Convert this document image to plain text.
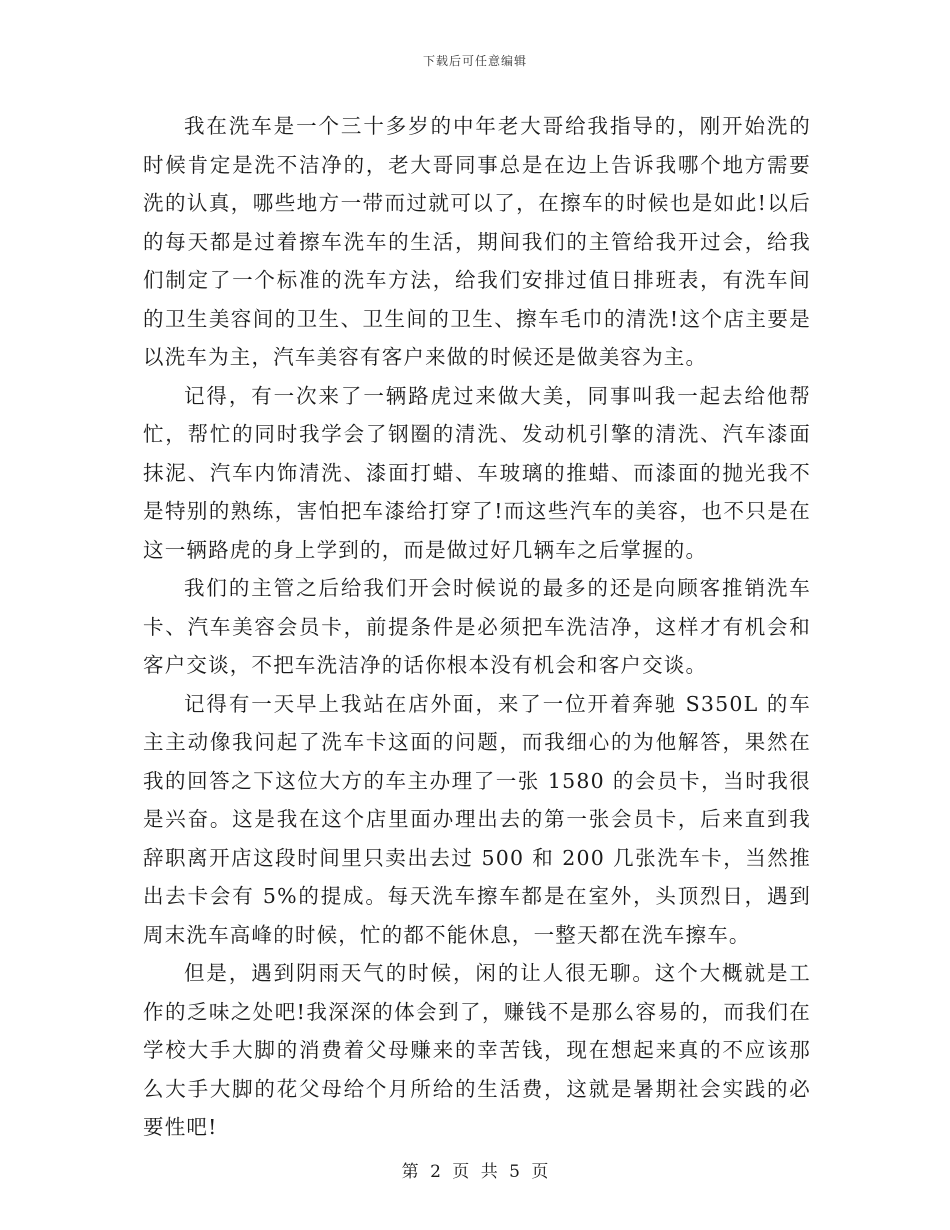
下载后可任意编辑

我在洗车是一个三十多岁的中年老大哥给我指导的，刚开始洗的时候肯定是洗不洁净的，老大哥同事总是在边上告诉我哪个地方需要洗的认真，哪些地方一带而过就可以了，在擦车的时候也是如此!以后的每天都是过着擦车洗车的生活，期间我们的主管给我开过会，给我们制定了一个标准的洗车方法，给我们安排过值日排班表，有洗车间的卫生美容间的卫生、卫生间的卫生、擦车毛巾的清洗!这个店主要是以洗车为主，汽车美容有客户来做的时候还是做美容为主。

记得，有一次来了一辆路虎过来做大美，同事叫我一起去给他帮忙，帮忙的同时我学会了钢圈的清洗、发动机引擎的清洗、汽车漆面抹泥、汽车内饰清洗、漆面打蜡、车玻璃的推蜡、而漆面的抛光我不是特别的熟练，害怕把车漆给打穿了!而这些汽车的美容，也不只是在这一辆路虎的身上学到的，而是做过好几辆车之后掌握的。

我们的主管之后给我们开会时候说的最多的还是向顾客推销洗车卡、汽车美容会员卡，前提条件是必须把车洗洁净，这样才有机会和客户交谈，不把车洗洁净的话你根本没有机会和客户交谈。

记得有一天早上我站在店外面，来了一位开着奔驰 S350L 的车主主动像我问起了洗车卡这面的问题，而我细心的为他解答，果然在我的回答之下这位大方的车主办理了一张 1580 的会员卡，当时我很是兴奋。这是我在这个店里面办理出去的第一张会员卡，后来直到我辞职离开店这段时间里只卖出去过 500 和 200 几张洗车卡，当然推出去卡会有 5%的提成。每天洗车擦车都是在室外，头顶烈日，遇到周末洗车高峰的时候，忙的都不能休息，一整天都在洗车擦车。

但是，遇到阴雨天气的时候，闲的让人很无聊。这个大概就是工作的乏味之处吧!我深深的体会到了，赚钱不是那么容易的，而我们在学校大手大脚的消费着父母赚来的幸苦钱，现在想起来真的不应该那么大手大脚的花父母给个月所给的生活费，这就是暑期社会实践的必要性吧!

第 2 页 共 5 页
